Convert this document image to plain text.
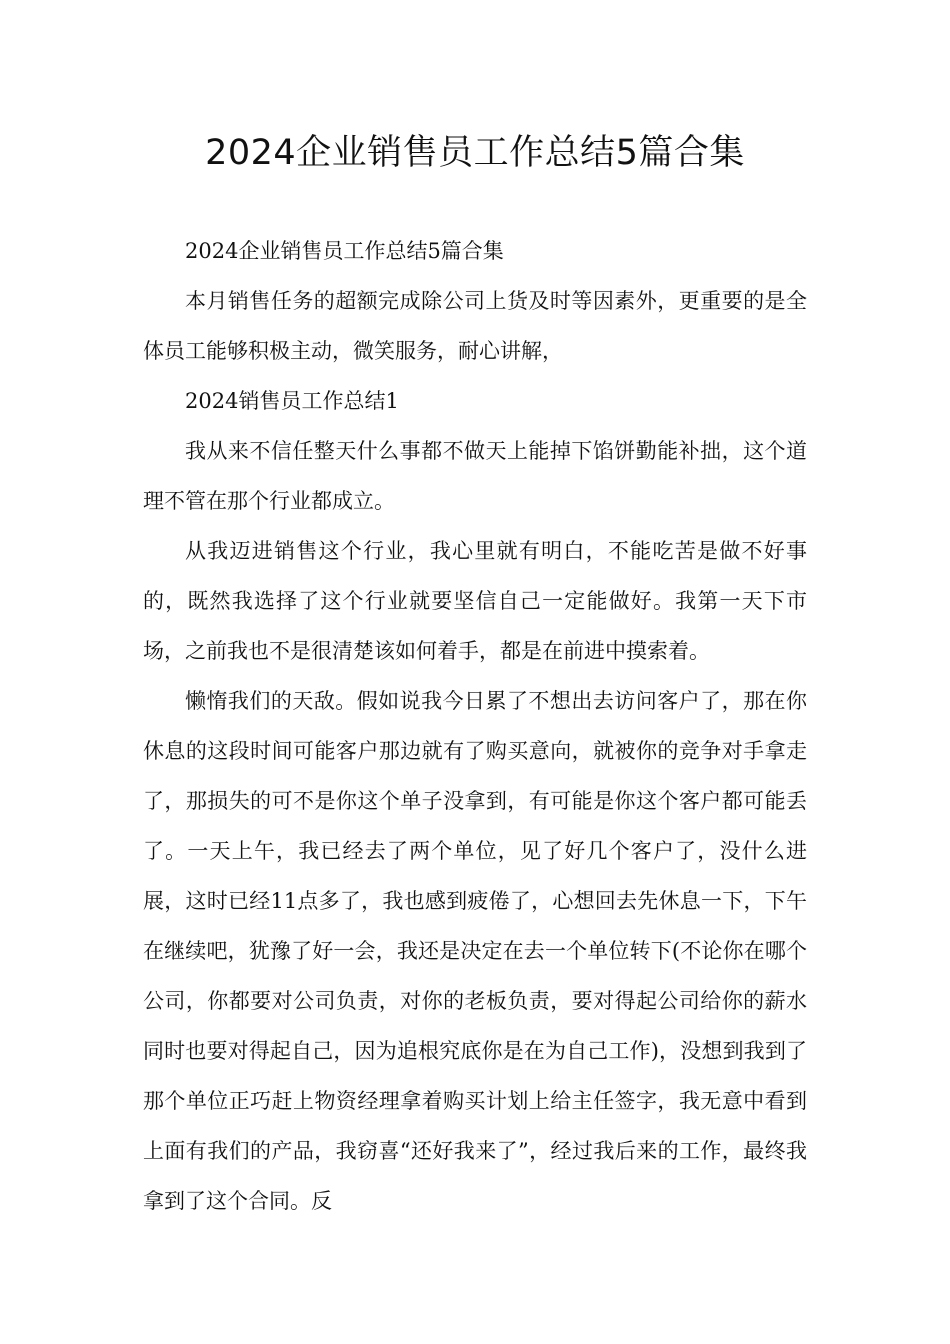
2024企业销售员工作总结5篇合集

2024企业销售员工作总结5篇合集

本月销售任务的超额完成除公司上货及时等因素外，更重要的是全体员工能够积极主动，微笑服务，耐心讲解，

2024销售员工作总结1

我从来不信任整天什么事都不做天上能掉下馅饼勤能补拙，这个道理不管在那个行业都成立。

从我迈进销售这个行业，我心里就有明白，不能吃苦是做不好事的，既然我选择了这个行业就要坚信自己一定能做好。我第一天下市场，之前我也不是很清楚该如何着手，都是在前进中摸索着。

懒惰我们的天敌。假如说我今日累了不想出去访问客户了，那在你休息的这段时间可能客户那边就有了购买意向，就被你的竞争对手拿走了，那损失的可不是你这个单子没拿到，有可能是你这个客户都可能丢了。一天上午，我已经去了两个单位，见了好几个客户了，没什么进展，这时已经11点多了，我也感到疲倦了，心想回去先休息一下，下午在继续吧，犹豫了好一会，我还是决定在去一个单位转下(不论你在哪个公司，你都要对公司负责，对你的老板负责，要对得起公司给你的薪水同时也要对得起自己，因为追根究底你是在为自己工作)，没想到我到了那个单位正巧赶上物资经理拿着购买计划上给主任签字，我无意中看到上面有我们的产品，我窃喜“还好我来了”，经过我后来的工作，最终我拿到了这个合同。反
